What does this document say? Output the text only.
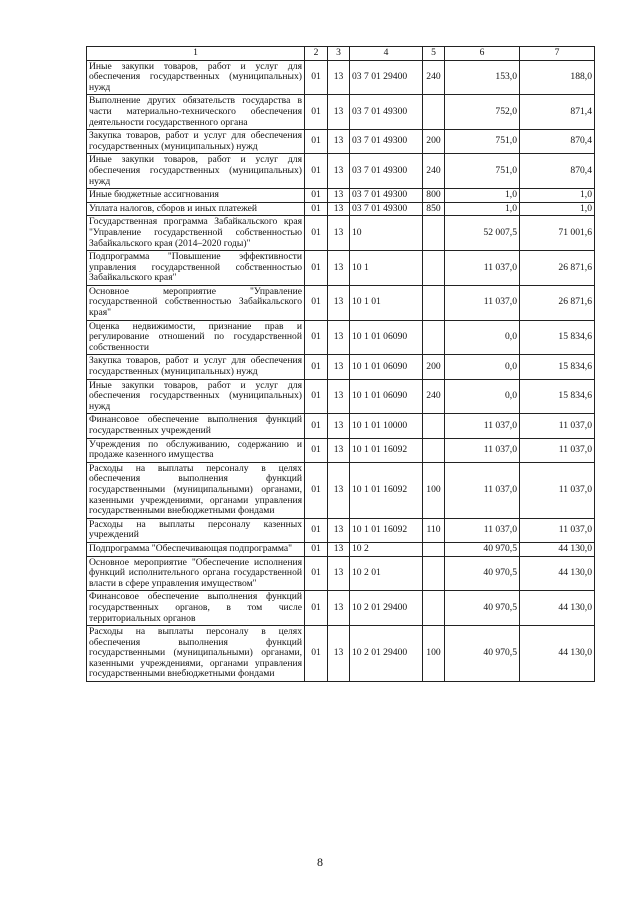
1	2	3	4	5	6	7
Иные закупки товаров, работ и услуг для обеспечения государственных (муниципальных) нужд	01	13	03 7 01 29400	240	153,0	188,0
Выполнение других обязательств государства в части материально-технического обеспечения деятельности государственного органа	01	13	03 7 01 49300		752,0	871,4
Закупка товаров, работ и услуг для обеспечения государственных (муниципальных) нужд	01	13	03 7 01 49300	200	751,0	870,4
Иные закупки товаров, работ и услуг для обеспечения государственных (муниципальных) нужд	01	13	03 7 01 49300	240	751,0	870,4
Иные бюджетные ассигнования	01	13	03 7 01 49300	800	1,0	1,0
Уплата налогов, сборов и иных платежей	01	13	03 7 01 49300	850	1,0	1,0
Государственная программа Забайкальского края "Управление государственной собственностью Забайкальского края (2014–2020 годы)"	01	13	10		52 007,5	71 001,6
Подпрограмма "Повышение эффективности управления государственной собственностью Забайкальского края"	01	13	10 1		11 037,0	26 871,6
Основное мероприятие "Управление государственной собственностью Забайкальского края"	01	13	10 1 01		11 037,0	26 871,6
Оценка недвижимости, признание прав и регулирование отношений по государственной собственности	01	13	10 1 01 06090		0,0	15 834,6
Закупка товаров, работ и услуг для обеспечения государственных (муниципальных) нужд	01	13	10 1 01 06090	200	0,0	15 834,6
Иные закупки товаров, работ и услуг для обеспечения государственных (муниципальных) нужд	01	13	10 1 01 06090	240	0,0	15 834,6
Финансовое обеспечение выполнения функций государственных учреждений	01	13	10 1 01 10000		11 037,0	11 037,0
Учреждения по обслуживанию, содержанию и продаже казенного имущества	01	13	10 1 01 16092		11 037,0	11 037,0
Расходы на выплаты персоналу в целях обеспечения выполнения функций государственными (муниципальными) органами, казенными учреждениями, органами управления государственными внебюджетными фондами	01	13	10 1 01 16092	100	11 037,0	11 037,0
Расходы на выплаты персоналу казенных учреждений	01	13	10 1 01 16092	110	11 037,0	11 037,0
Подпрограмма "Обеспечивающая подпрограмма"	01	13	10 2		40 970,5	44 130,0
Основное мероприятие "Обеспечение исполнения функций исполнительного органа государственной власти в сфере управления имуществом"	01	13	10 2 01		40 970,5	44 130,0
Финансовое обеспечение выполнения функций государственных органов, в том числе территориальных органов	01	13	10 2 01 29400		40 970,5	44 130,0
Расходы на выплаты персоналу в целях обеспечения выполнения функций государственными (муниципальными) органами, казенными учреждениями, органами управления государственными внебюджетными фондами	01	13	10 2 01 29400	100	40 970,5	44 130,0
8
